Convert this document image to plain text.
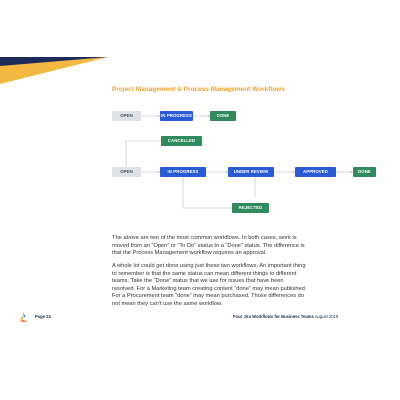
Project Management & Process Management Workflows
OPEN	IN PROGRESS	DONE
CANCELLED
OPEN	IN PROGRESS	UNDER REVIEW	APPROVED	DONE
REJECTED

The above are two of the most common workflows. In both cases, work is moved from an “Open” or “To Do” status to a “Done” status. The difference is that the Process Management workflow requires an approval.

A whole lot could get done using just these two workflows. An important thing to remember is that the same status can mean different things to different teams. Take the “Done” status that we use for issues that have been resolved. For a Marketing team creating content “done” may mean published. For a Procurement team “done” may mean purchased. Those differences do not mean they can’t use the same workflow.

Page 24	Four Jira Workflows for Business Teams August 2018
